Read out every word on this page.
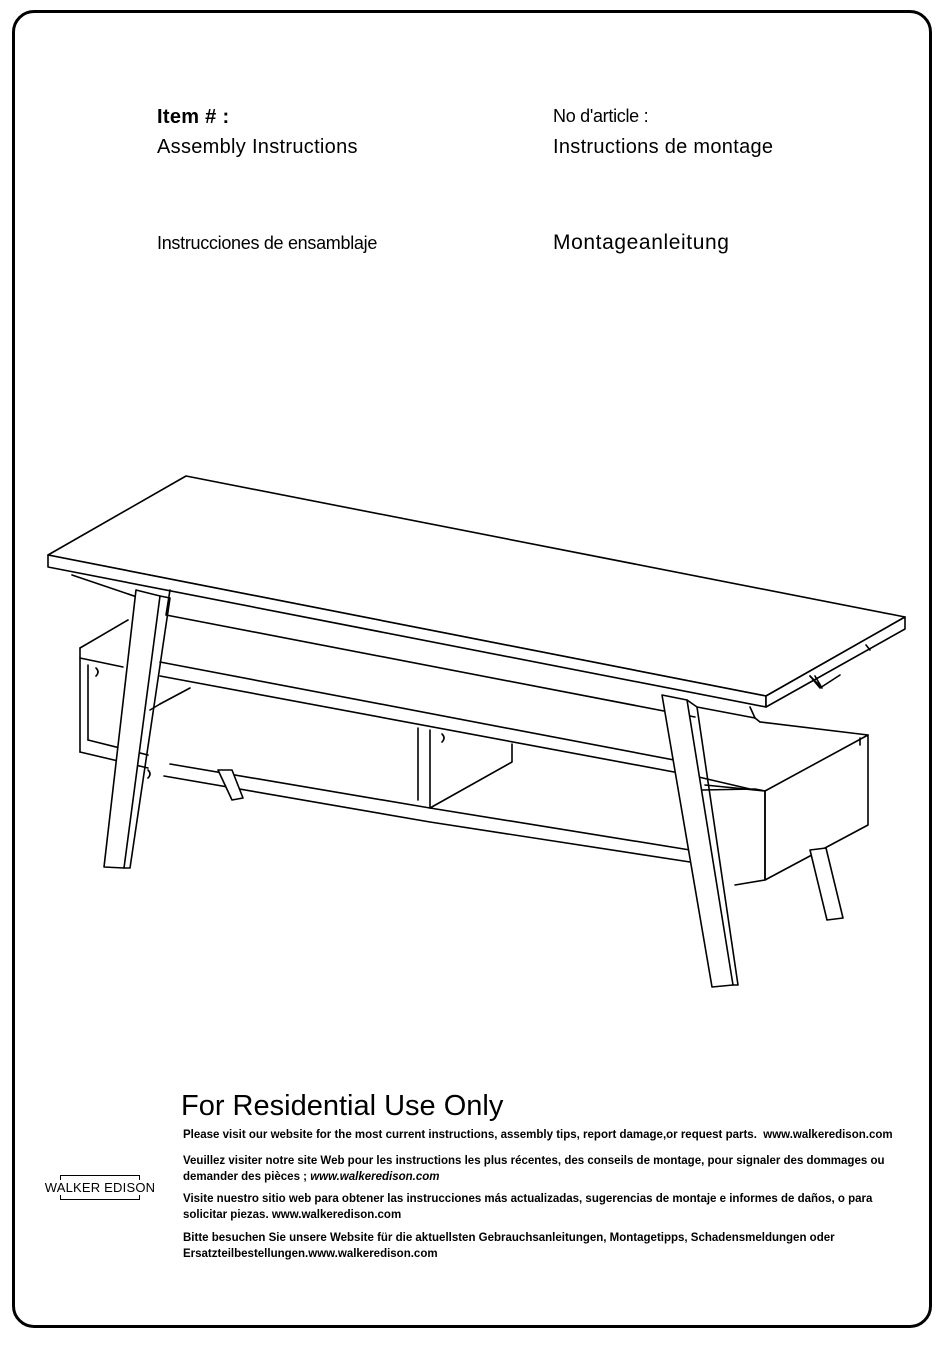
Item # :	No d'article :
Assembly Instructions	Instructions de montage
Instrucciones de ensamblaje	Montageanleitung
For Residential Use Only
Please visit our website for the most current instructions, assembly tips, report damage,or request parts. www.walkeredison.com
Veuillez visiter notre site Web pour les instructions les plus récentes, des conseils de montage, pour signaler des dommages ou demander des pièces ; www.walkeredison.com
Visite nuestro sitio web para obtener las instrucciones más actualizadas, sugerencias de montaje e informes de daños, o para solicitar piezas. www.walkeredison.com
Bitte besuchen Sie unsere Website für die aktuellsten Gebrauchsanleitungen, Montagetipps, Schadensmeldungen oder Ersatzteilbestellungen.www.walkeredison.com
WALKER EDISON
